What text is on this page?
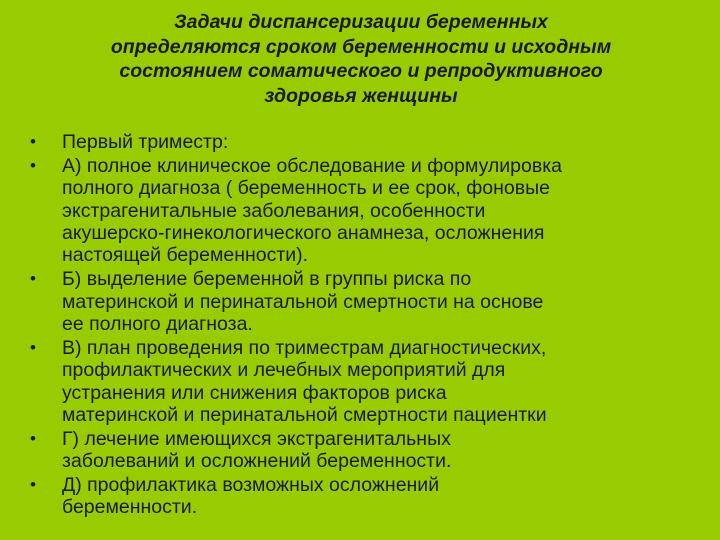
Задачи диспансеризации беременных
определяются сроком беременности и исходным
состоянием соматического и репродуктивного
здоровья женщины
• Первый триместр:
• А) полное клиническое обследование и формулировка
полного диагноза ( беременность и ее срок, фоновые
экстрагенитальные заболевания, особенности
акушерско-гинекологического анамнеза, осложнения
настоящей беременности).
• Б) выделение беременной в группы риска по
материнской и перинатальной смертности на основе
ее полного диагноза.
• В) план проведения по триместрам диагностических,
профилактических и лечебных мероприятий для
устранения или снижения факторов риска
материнской и перинатальной смертности пациентки
• Г) лечение имеющихся экстрагенитальных
заболеваний и осложнений беременности.
• Д) профилактика возможных осложнений
беременности.
